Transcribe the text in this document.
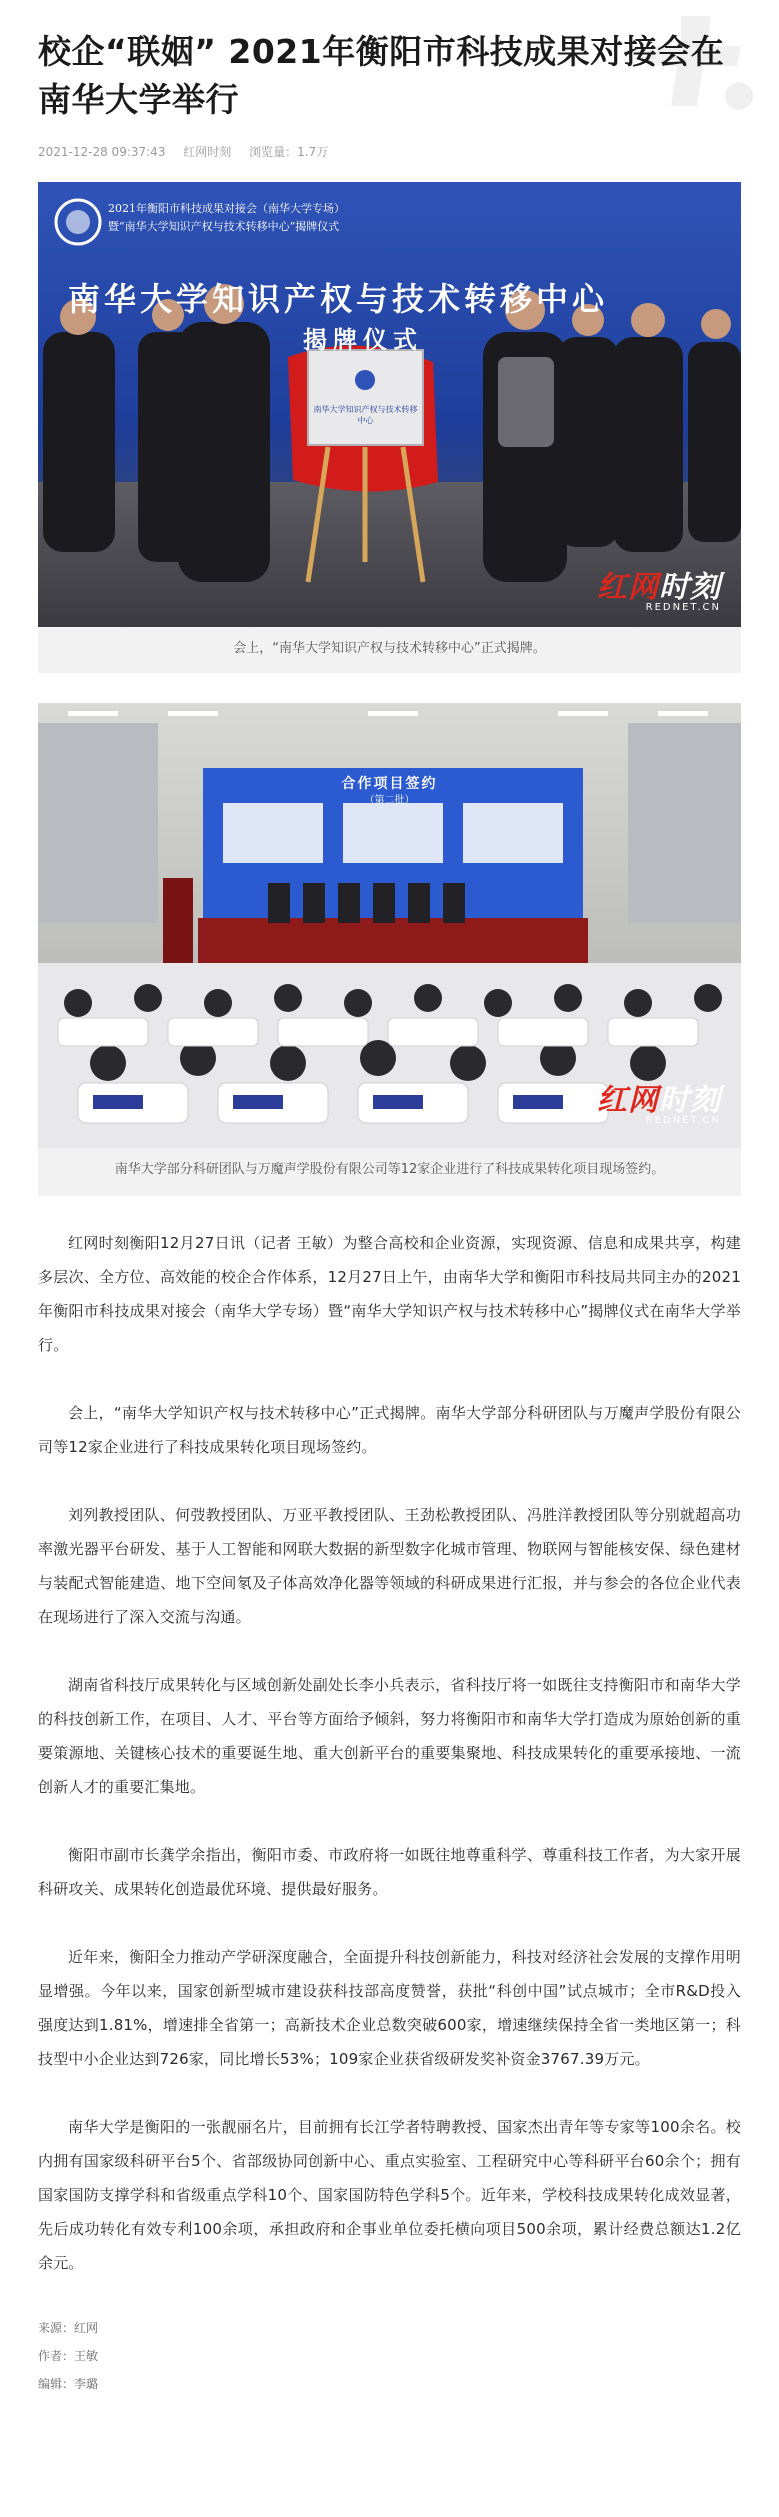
校企“联姻” 2021年衡阳市科技成果对接会在南华大学举行
2021-12-28 09:37:43 红网时刻 浏览量：1.7万
2021年衡阳市科技成果对接会（南华大学专场）
暨“南华大学知识产权与技术转移中心”揭牌仪式
南华大学知识产权与技术转移中心
揭牌仪式
南华大学知识产权与技术转移中心
红网时刻
REDNET.CN
会上，“南华大学知识产权与技术转移中心”正式揭牌。
合作项目签约
（第二批）
红网时刻
REDNET.CN
南华大学部分科研团队与万魔声学股份有限公司等12家企业进行了科技成果转化项目现场签约。

红网时刻衡阳12月27日讯（记者 王敏）为整合高校和企业资源，实现资源、信息和成果共享，构建多层次、全方位、高效能的校企合作体系，12月27日上午，由南华大学和衡阳市科技局共同主办的2021年衡阳市科技成果对接会（南华大学专场）暨“南华大学知识产权与技术转移中心”揭牌仪式在南华大学举行。

会上，“南华大学知识产权与技术转移中心”正式揭牌。南华大学部分科研团队与万魔声学股份有限公司等12家企业进行了科技成果转化项目现场签约。

刘列教授团队、何弢教授团队、万亚平教授团队、王劲松教授团队、冯胜洋教授团队等分别就超高功率激光器平台研发、基于人工智能和网联大数据的新型数字化城市管理、物联网与智能核安保、绿色建材与装配式智能建造、地下空间氡及子体高效净化器等领域的科研成果进行汇报，并与参会的各位企业代表在现场进行了深入交流与沟通。

湖南省科技厅成果转化与区域创新处副处长李小兵表示，省科技厅将一如既往支持衡阳市和南华大学的科技创新工作，在项目、人才、平台等方面给予倾斜，努力将衡阳市和南华大学打造成为原始创新的重要策源地、关键核心技术的重要诞生地、重大创新平台的重要集聚地、科技成果转化的重要承接地、一流创新人才的重要汇集地。

衡阳市副市长龚学余指出，衡阳市委、市政府将一如既往地尊重科学、尊重科技工作者，为大家开展科研攻关、成果转化创造最优环境、提供最好服务。

近年来，衡阳全力推动产学研深度融合，全面提升科技创新能力，科技对经济社会发展的支撑作用明显增强。今年以来，国家创新型城市建设获科技部高度赞誉，获批“科创中国”试点城市；全市R&D投入强度达到1.81%，增速排全省第一；高新技术企业总数突破600家，增速继续保持全省一类地区第一；科技型中小企业达到726家，同比增长53%；109家企业获省级研发奖补资金3767.39万元。

南华大学是衡阳的一张靓丽名片，目前拥有长江学者特聘教授、国家杰出青年等专家等100余名。校内拥有国家级科研平台5个、省部级协同创新中心、重点实验室、工程研究中心等科研平台60余个；拥有国家国防支撑学科和省级重点学科10个、国家国防特色学科5个。近年来，学校科技成果转化成效显著，先后成功转化有效专利100余项，承担政府和企事业单位委托横向项目500余项，累计经费总额达1.2亿余元。

来源：红网
作者：王敏
编辑：李璐
